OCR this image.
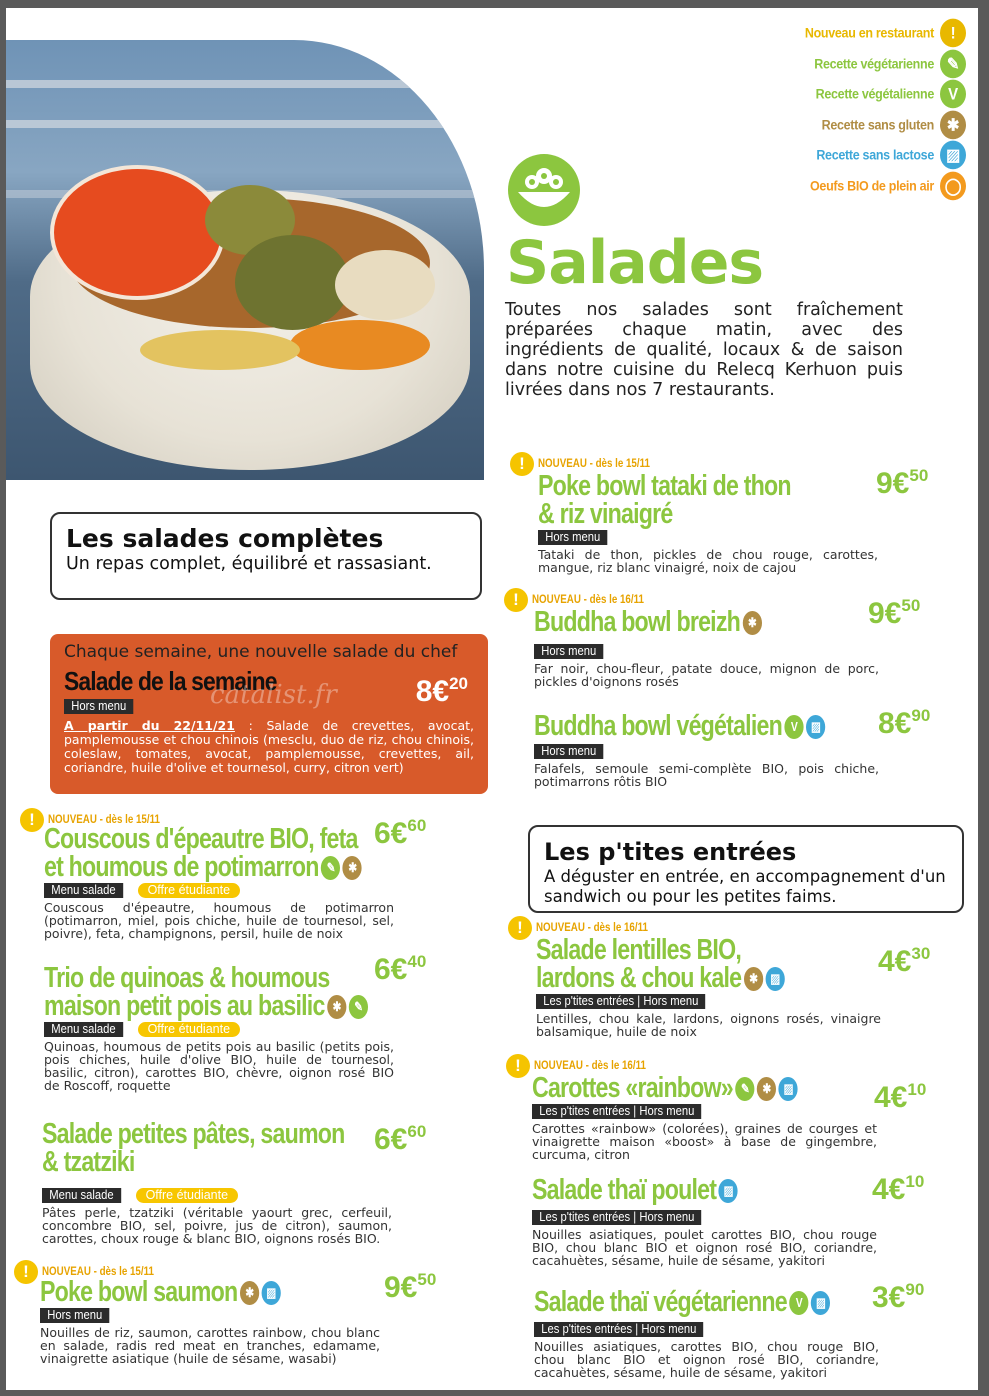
Nouveau en restaurant	!
Recette végétarienne ✎
Recette végétalienne V
Recette sans gluten ✱
Recette sans lactose ▨
Oeufs BIO de plein air ◯
Salades
Toutes nos salades sont fraîchement préparées chaque matin, avec des ingrédients de qualité, locaux & de saison dans notre cuisine du Relecq Kerhuon puis livrées dans nos 7 restaurants.
Les salades complètes

Un repas complet, équilibré et rassasiant.

Chaque semaine, une nouvelle salade du chef
Salade de la semaine
catalist.fr	8€$^{20}$
Hors menu
A partir du 22/11/21 : Salade de crevettes, avocat, pamplemousse et chou chinois (mesclu, duo de riz, chou chinois, coleslaw, tomates, avocat, pamplemousse, crevettes, ail, coriandre, huile d'olive et tournesol, curry, citron vert)
!	NOUVEAU - dès le 15/11
Couscous d'épeautre BIO, feta
et houmous de potimarron ✎ ✱
Menu salade	Offre étudiante
Couscous d'épeautre, houmous de potimarron (potimarron, miel, pois chiche, huile de tournesol, sel, poivre), feta, champignons, persil, huile de noix
6€$^{60}$
Trio de quinoas & houmous
maison petit pois au basilic ✱ ✎
Menu salade	Offre étudiante
Quinoas, houmous de petits pois au basilic (petits pois, pois chiches, huile d'olive BIO, huile de tournesol, basilic, citron), carottes BIO, chèvre, oignon rosé BIO de Roscoff, roquette
6€$^{40}$
Salade petites pâtes, saumon
& tzatziki
Menu salade	Offre étudiante
Pâtes perle, tzatziki (véritable yaourt grec, cerfeuil, concombre BIO, sel, poivre, jus de citron), saumon, carottes, choux rouge & blanc BIO, oignons rosés BIO.
6€$^{60}$
!	NOUVEAU - dès le 15/11
Poke bowl saumon ✱ ▨
Hors menu
Nouilles de riz, saumon, carottes rainbow, chou blanc en salade, radis red meat en tranches, edamame, vinaigrette asiatique (huile de sésame, wasabi)
9€$^{50}$
!	NOUVEAU - dès le 15/11
Poke bowl tataki de thon
& riz vinaigré
Hors menu
Tataki de thon, pickles de chou rouge, carottes, mangue, riz blanc vinaigré, noix de cajou
9€$^{50}$
!	NOUVEAU - dès le 16/11
Buddha bowl breizh ✱
Hors menu
Far noir, chou-fleur, patate douce, mignon de porc, pickles d'oignons rosés
9€$^{50}$
Buddha bowl végétalien V ▨
Hors menu
Falafels, semoule semi-complète BIO, pois chiche, potimarrons rôtis BIO
8€$^{90}$
Les p'tites entrées

A déguster en entrée, en accompagnement d'un sandwich ou pour les petites faims.

!	NOUVEAU - dès le 16/11
Salade lentilles BIO,
lardons & chou kale ✱ ▨
Les p'tites entrées | Hors menu
Lentilles, chou kale, lardons, oignons rosés, vinaigre balsamique, huile de noix
4€$^{30}$
!	NOUVEAU - dès le 16/11
Carottes «rainbow» ✎ ✱ ▨
Les p'tites entrées | Hors menu
Carottes «rainbow» (colorées), graines de courges et vinaigrette maison «boost» à base de gingembre, curcuma, citron
4€$^{10}$
Salade thaï poulet ▨
Les p'tites entrées | Hors menu
Nouilles asiatiques, poulet carottes BIO, chou rouge BIO, chou blanc BIO et oignon rosé BIO, coriandre, cacahuètes, sésame, huile de sésame, yakitori
4€$^{10}$
Salade thaï végétarienne V ▨
Les p'tites entrées | Hors menu
Nouilles asiatiques, carottes BIO, chou rouge BIO, chou blanc BIO et oignon rosé BIO, coriandre, cacahuètes, sésame, huile de sésame, yakitori
3€$^{90}$
